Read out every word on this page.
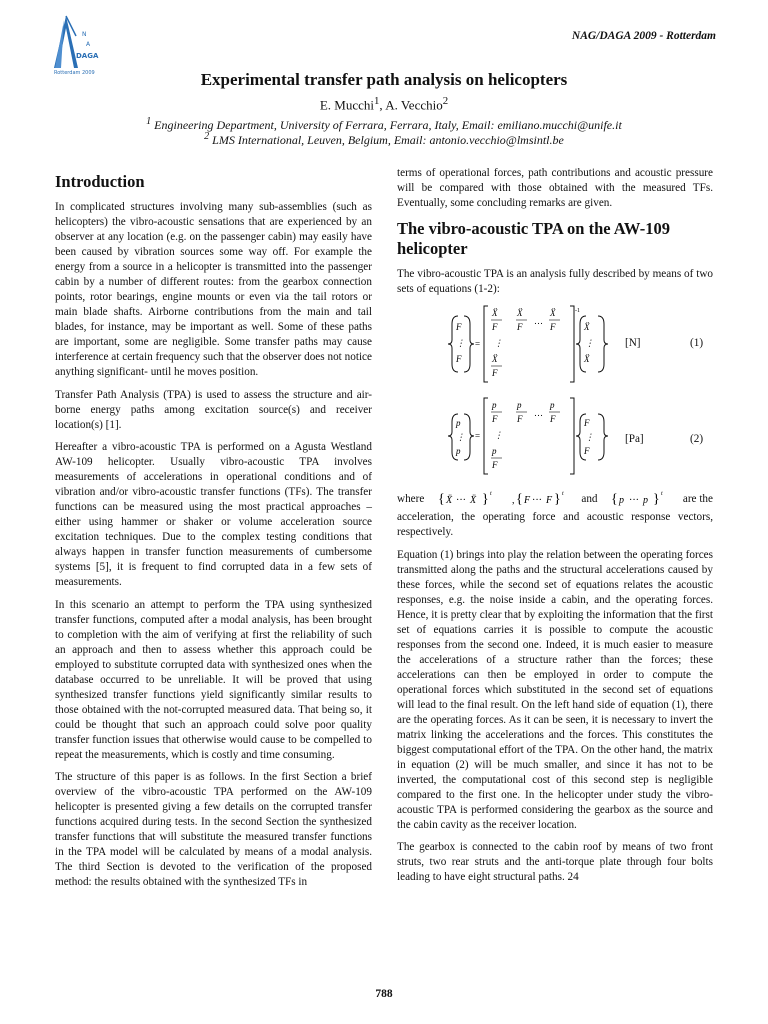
N
A
DAGA
Rotterdam 2009
NAG/DAGA 2009 - Rotterdam
Experimental transfer path analysis on helicopters
E. Mucchi$^1$, A. Vecchio$^2$
$^1$ Engineering Department, University of Ferrara, Ferrara, Italy, Email: emiliano.mucchi@unife.it
$^2$ LMS International, Leuven, Belgium, Email: antonio.vecchio@lmsintl.be
Introduction

In complicated structures involving many sub-assemblies (such as helicopters) the vibro-acoustic sensations that are experienced by an observer at any location (e.g. on the passenger cabin) may easily have been caused by vibration sources some way off. For example the energy from a source in a helicopter is transmitted into the passenger cabin by a number of different routes: from the gearbox connection points, rotor bearings, engine mounts or even via the tail rotors or main blade shafts. Airborne contributions from the main and tail blades, for instance, may be important as well. Some of these paths are important, some are negligible. Some transfer paths may cause interference at certain frequency such that the observer does not notice anything significant- until he moves position.

Transfer Path Analysis (TPA) is used to assess the structure and air-borne energy paths among excitation source(s) and receiver location(s) [1].

Hereafter a vibro-acoustic TPA is performed on a Agusta Westland AW-109 helicopter. Usually vibro-acoustic TPA involves measurements of accelerations in operational conditions and of vibration and/or vibro-acoustic transfer functions (TFs). The transfer functions can be measured using the most practical approaches – either using hammer or shaker or volume acceleration source excitation techniques. Due to the complex testing conditions that always happen in transfer function measurements of cumbersome systems [5], it is frequent to find corrupted data in a few sets of measurements.

In this scenario an attempt to perform the TPA using synthesized transfer functions, computed after a modal analysis, has been brought to completion with the aim of verifying at first the reliability of such an approach and then to assess whether this approach could be employed to substitute corrupted data with synthesized ones when the database occurred to be unreliable. It will be proved that using synthesized transfer functions yield significantly similar results to those obtained with the not-corrupted measured data. That being so, it could be thought that such an approach could solve poor quality transfer function issues that otherwise would cause to be compelled to repeat the measurements, which is costly and time consuming.

The structure of this paper is as follows. In the first Section a brief overview of the vibro-acoustic TPA performed on the AW-109 helicopter is presented giving a few details on the corrupted transfer functions acquired during tests. In the second Section the synthesized transfer functions that will substitute the measured transfer functions in the TPA model will be calculated by means of a modal analysis. The third Section is devoted to the verification of the proposed method: the results obtained with the synthesized TFs in

terms of operational forces, path contributions and acoustic pressure will be compared with those obtained with the measured TFs. Eventually, some concluding remarks are given.

The vibro-acoustic TPA on the AW-109 helicopter

The vibro-acoustic TPA is an analysis fully described by means of two sets of equations (1-2):

F
⋮
F
=
Ẍ
F
Ẍ
F
…
Ẍ
F
⋮
Ẍ
F
-1
Ẍ
⋮
Ẍ
[N]	(1)
p
⋮
p
=
p
F
p
F
…
p
F
⋮
p
F
F
⋮
F
[Pa]	(2)
where { Ẍ ··· Ẍ } t
, { F ··· F } t and { p ··· p } t are the

acceleration, the operating force and acoustic response vectors, respectively.

Equation (1) brings into play the relation between the operating forces transmitted along the paths and the structural accelerations caused by these forces, while the second set of equations relates the acoustic responses, e.g. the noise inside a cabin, and the operating forces. Hence, it is pretty clear that by exploiting the information that the first set of equations carries it is possible to compute the acoustic responses from the second one. Indeed, it is much easier to measure the accelerations of a structure rather than the forces; these accelerations can then be employed in order to compute the operational forces which substituted in the second set of equations will lead to the final result. On the left hand side of equation (1), there are the operating forces. As it can be seen, it is necessary to invert the matrix linking the accelerations and the forces. This constitutes the biggest computational effort of the TPA. On the other hand, the matrix in equation (2) will be much smaller, and since it has not to be inverted, the computational cost of this second step is negligible compared to the first one. In the helicopter under study the vibro-acoustic TPA is performed considering the gearbox as the source and the cabin cavity as the receiver location.

The gearbox is connected to the cabin roof by means of two front struts, two rear struts and the anti-torque plate through four bolts leading to have eight structural paths. 24

788
